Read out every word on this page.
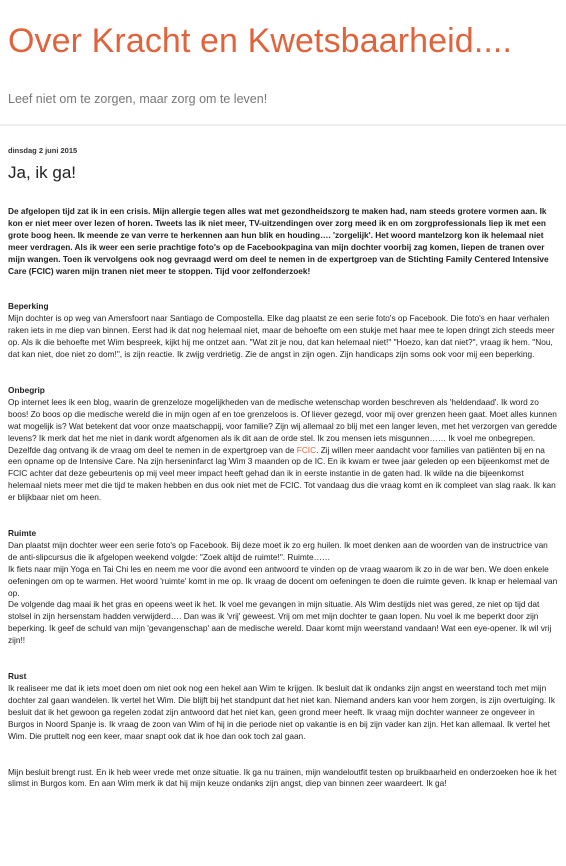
Over Kracht en Kwetsbaarheid....
Leef niet om te zorgen, maar zorg om te leven!
dinsdag 2 juni 2015
Ja, ik ga!

De afgelopen tijd zat ik in een crisis. Mijn allergie tegen alles wat met gezondheidszorg te maken had, nam steeds grotere vormen aan. Ik kon er niet meer over lezen of horen. Tweets las ik niet meer, TV-uitzendingen over zorg meed ik en om zorgprofessionals liep ik met een grote boog heen. Ik meende ze van verre te herkennen aan hun blik en houding…. 'zorgelijk'. Het woord mantelzorg kon ik helemaal niet meer verdragen. Als ik weer een serie prachtige foto's op de Facebookpagina van mijn dochter voorbij zag komen, liepen de tranen over mijn wangen. Toen ik vervolgens ook nog gevraagd werd om deel te nemen in de expertgroep van de Stichting Family Centered Intensive Care (FCIC) waren mijn tranen niet meer te stoppen. Tijd voor zelfonderzoek!

Beperking

Mijn dochter is op weg van Amersfoort naar Santiago de Compostella. Elke dag plaatst ze een serie foto's op Facebook. Die foto's en haar verhalen raken iets in me diep van binnen. Eerst had ik dat nog helemaal niet, maar de behoefte om een stukje met haar mee te lopen dringt zich steeds meer op. Als ik die behoefte met Wim bespreek, kijkt hij me ontzet aan. "Wat zit je nou, dat kan helemaal niet!" "Hoezo, kan dat niet?", vraag ik hem. "Nou, dat kan niet, doe niet zo dom!", is zijn reactie. Ik zwijg verdrietig. Zie de angst in zijn ogen. Zijn handicaps zijn soms ook voor mij een beperking.

Onbegrip

Op internet lees ik een blog, waarin de grenzeloze mogelijkheden van de medische wetenschap worden beschreven als 'heldendaad'. Ik word zo boos! Zo boos op die medische wereld die in mijn ogen af en toe grenzeloos is. Of liever gezegd, voor mij over grenzen heen gaat. Moet alles kunnen wat mogelijk is? Wat betekent dat voor onze maatschappij, voor familie? Zijn wij allemaal zo blij met een langer leven, met het verzorgen van geredde levens? Ik merk dat het me niet in dank wordt afgenomen als ik dit aan de orde stel. Ik zou mensen iets misgunnen…… Ik voel me onbegrepen. Dezelfde dag ontvang ik de vraag om deel te nemen in de expertgroep van de FCIC. Zij willen meer aandacht voor families van patiënten bij en na een opname op de Intensive Care. Na zijn herseninfarct lag Wim 3 maanden op de IC. En ik kwam er twee jaar geleden op een bijeenkomst met de FCIC achter dat deze gebeurtenis op mij veel meer impact heeft gehad dan ik in eerste instantie in de gaten had. Ik wilde na die bijeenkomst helemaal niets meer met die tijd te maken hebben en dus ook niet met de FCIC. Tot vandaag dus die vraag komt en ik compleet van slag raak. Ik kan er blijkbaar niet om heen.

Ruimte

Dan plaatst mijn dochter weer een serie foto's op Facebook. Bij deze moet ik zo erg huilen. Ik moet denken aan de woorden van de instructrice van de anti-slipcursus die ik afgelopen weekend volgde: "Zoek altijd de ruimte!". Ruimte……

Ik fiets naar mijn Yoga en Tai Chi les en neem me voor die avond een antwoord te vinden op de vraag waarom ik zo in de war ben. We doen enkele oefeningen om op te warmen. Het woord 'ruimte' komt in me op. Ik vraag de docent om oefeningen te doen die ruimte geven. Ik knap er helemaal van op.

De volgende dag maai ik het gras en opeens weet ik het. Ik voel me gevangen in mijn situatie. Als Wim destijds niet was gered, ze niet op tijd dat stolsel in zijn hersenstam hadden verwijderd…. Dan was ik 'vrij' geweest. Vrij om met mijn dochter te gaan lopen. Nu voel ik me beperkt door zijn beperking. Ik geef de schuld van mijn 'gevangenschap' aan de medische wereld. Daar komt mijn weerstand vandaan! Wat een eye-opener. Ik wil vrij zijn!!

Rust

Ik realiseer me dat ik iets moet doen om niet ook nog een hekel aan Wim te krijgen. Ik besluit dat ik ondanks zijn angst en weerstand toch met mijn dochter zal gaan wandelen. Ik vertel het Wim. Die blijft bij het standpunt dat het niet kan. Niemand anders kan voor hem zorgen, is zijn overtuiging. Ik besluit dat ik het gewoon ga regelen zodat zijn antwoord dat het niet kan, geen grond meer heeft. Ik vraag mijn dochter wanneer ze ongeveer in Burgos in Noord Spanje is. Ik vraag de zoon van Wim of hij in die periode niet op vakantie is en bij zijn vader kan zijn. Het kan allemaal. Ik vertel het Wim. Die pruttelt nog een keer, maar snapt ook dat ik hoe dan ook toch zal gaan.

Mijn besluit brengt rust. En ik heb weer vrede met onze situatie. Ik ga nu trainen, mijn wandeloutfit testen op bruikbaarheid en onderzoeken hoe ik het slimst in Burgos kom. En aan Wim merk ik dat hij mijn keuze ondanks zijn angst, diep van binnen zeer waardeert. Ik ga!
